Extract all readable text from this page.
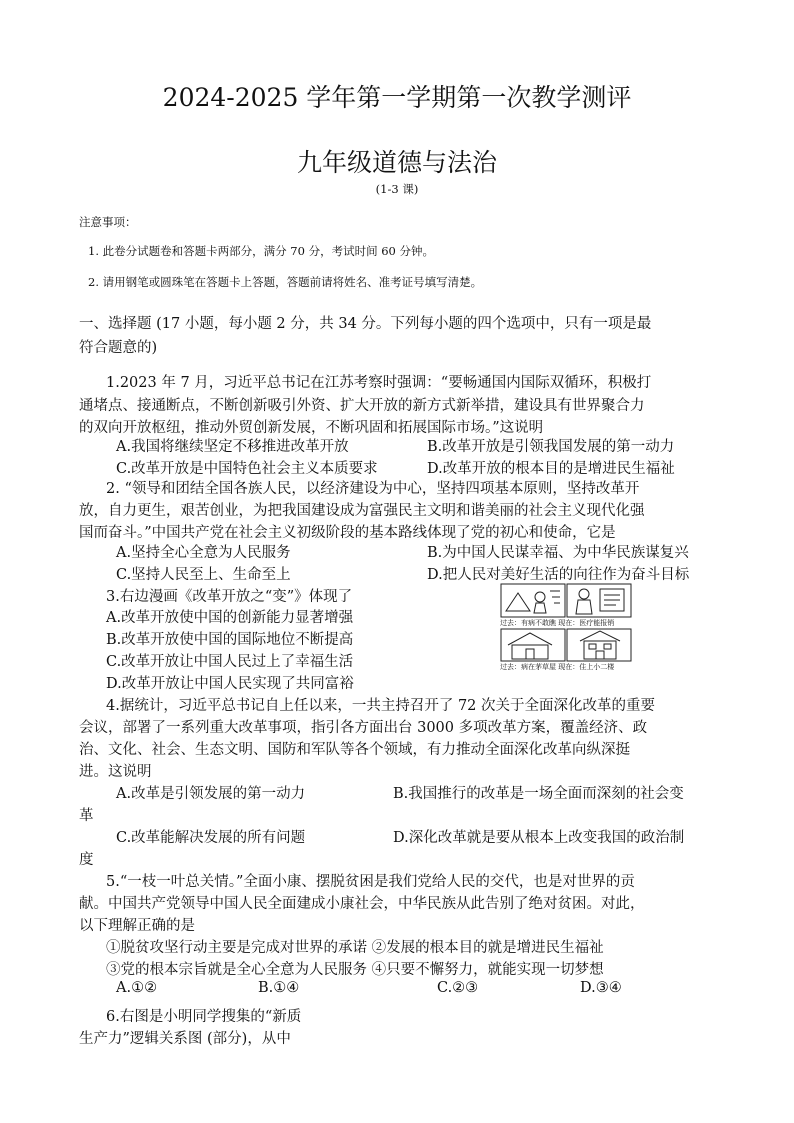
2024-2025 学年第一学期第一次教学测评
九年级道德与法治
(1-3 课)
注意事项：
1. 此卷分试题卷和答题卡两部分，满分 70 分，考试时间 60 分钟。
2. 请用钢笔或圆珠笔在答题卡上答题，答题前请将姓名、准考证号填写清楚。
一、选择题 (17 小题，每小题 2 分，共 34 分。下列每小题的四个选项中，只有一项是最
符合题意的)
1.2023 年 7 月，习近平总书记在江苏考察时强调：“要畅通国内国际双循环，积极打
通堵点、接通断点，不断创新吸引外资、扩大开放的新方式新举措，建设具有世界聚合力
的双向开放枢纽，推动外贸创新发展，不断巩固和拓展国际市场。”这说明
A.我国将继续坚定不移推进改革开放	B.改革开放是引领我国发展的第一动力
C.改革开放是中国特色社会主义本质要求	D.改革开放的根本目的是增进民生福祉
2. “领导和团结全国各族人民，以经济建设为中心，坚持四项基本原则，坚持改革开
放，自力更生，艰苦创业，为把我国建设成为富强民主文明和谐美丽的社会主义现代化强
国而奋斗。”中国共产党在社会主义初级阶段的基本路线体现了党的初心和使命，它是
A.坚持全心全意为人民服务	B.为中国人民谋幸福、为中华民族谋复兴
C.坚持人民至上、生命至上	D.把人民对美好生活的向往作为奋斗目标
3.右边漫画《改革开放之“变”》体现了
A.改革开放使中国的创新能力显著增强
B.改革开放使中国的国际地位不断提高
C.改革开放让中国人民过上了幸福生活
D.改革开放让中国人民实现了共同富裕
过去：有病不敢瞧 现在：医疗能报销
过去：病在茅草屋 现在：住上小二楼
4.据统计，习近平总书记自上任以来，一共主持召开了 72 次关于全面深化改革的重要
会议，部署了一系列重大改革事项，指引各方面出台 3000 多项改革方案，覆盖经济、政
治、文化、社会、生态文明、国防和军队等各个领域，有力推动全面深化改革向纵深挺
进。这说明
A.改革是引领发展的第一动力	B.我国推行的改革是一场全面而深刻的社会变
革
C.改革能解决发展的所有问题	D.深化改革就是要从根本上改变我国的政治制
度
5.“一枝一叶总关情。”全面小康、摆脱贫困是我们党给人民的交代，也是对世界的贡
献。中国共产党领导中国人民全面建成小康社会，中华民族从此告别了绝对贫困。对此，
以下理解正确的是
①脱贫攻坚行动主要是完成对世界的承诺 ②发展的根本目的就是增进民生福祉
③党的根本宗旨就是全心全意为人民服务 ④只要不懈努力，就能实现一切梦想
A.①②	B.①④	C.②③	D.③④
6.右图是小明同学搜集的“新质
生产力”逻辑关系图 (部分)，从中
